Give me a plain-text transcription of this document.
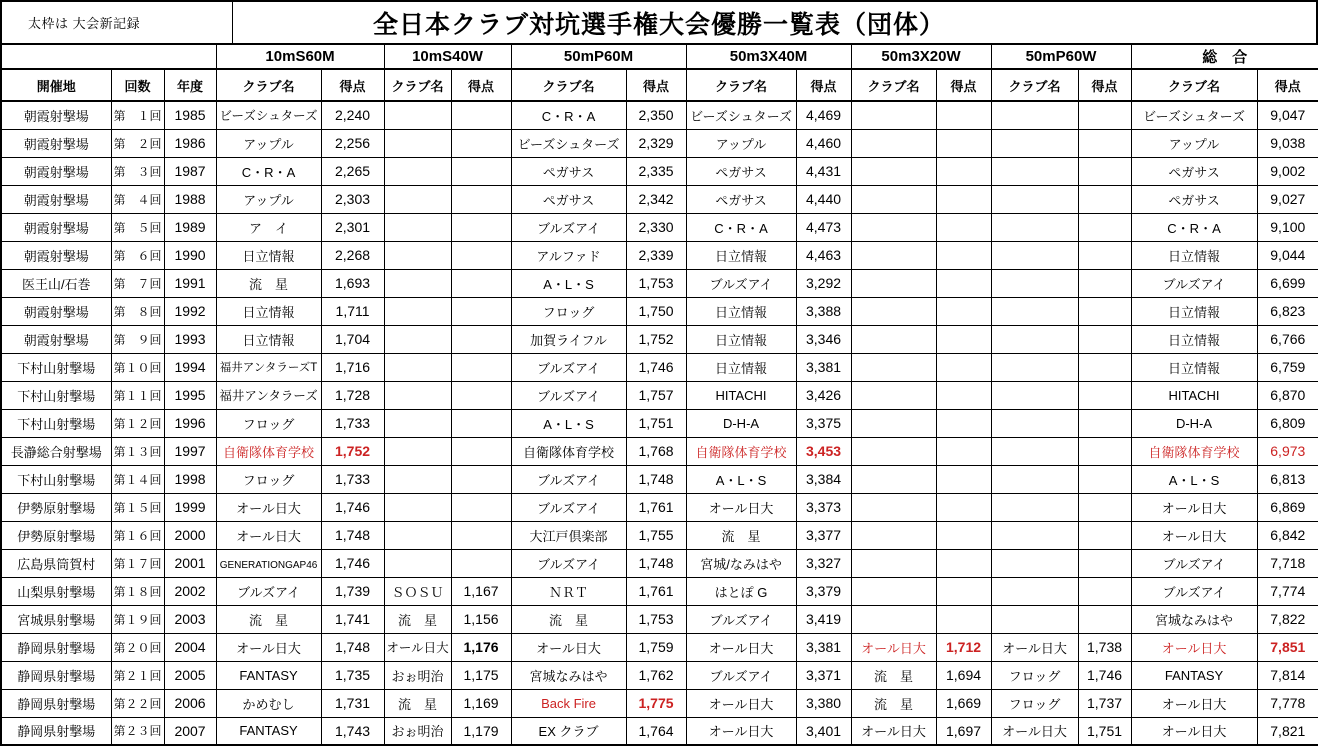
太枠は 大会新記録	全日本クラブ対坑選手権大会優勝一覧表（団体）
			10mS60M		10mS40W		50mP60M		50m3X40M		50m3X20W		50mP60W		総　合	
開催地	回数	年度	クラブ名	得点	クラブ名	得点	クラブ名	得点	クラブ名	得点	クラブ名	得点	クラブ名	得点	クラブ名	得点
朝霞射撃場	第　１回	1985	ビーズシュターズ	2,240			C・R・A	2,350	ビーズシュターズ	4,469					ビーズシュターズ	9,047
朝霞射撃場	第　２回	1986	アップル	2,256			ビーズシュターズ	2,329	アップル	4,460					アップル	9,038
朝霞射撃場	第　３回	1987	C・R・A	2,265			ペガサス	2,335	ペガサス	4,431					ペガサス	9,002
朝霞射撃場	第　４回	1988	アップル	2,303			ペガサス	2,342	ペガサス	4,440					ペガサス	9,027
朝霞射撃場	第　５回	1989	ア　イ	2,301			ブルズアイ	2,330	C・R・A	4,473					C・R・A	9,100
朝霞射撃場	第　６回	1990	日立情報	2,268			アルファド	2,339	日立情報	4,463					日立情報	9,044
医王山/石巻	第　７回	1991	流　星	1,693			A・L・S	1,753	ブルズアイ	3,292					ブルズアイ	6,699
朝霞射撃場	第　８回	1992	日立情報	1,711			フロッグ	1,750	日立情報	3,388					日立情報	6,823
朝霞射撃場	第　９回	1993	日立情報	1,704			加賀ライフル	1,752	日立情報	3,346					日立情報	6,766
下村山射撃場	第１０回	1994	福井アンタラーズT	1,716			ブルズアイ	1,746	日立情報	3,381					日立情報	6,759
下村山射撃場	第１１回	1995	福井アンタラーズ	1,728			ブルズアイ	1,757	HITACHI	3,426					HITACHI	6,870
下村山射撃場	第１２回	1996	フロッグ	1,733			A・L・S	1,751	D-H-A	3,375					D-H-A	6,809
長瀞総合射撃場	第１３回	1997	自衛隊体育学校	1,752			自衛隊体育学校	1,768	自衛隊体育学校	3,453					自衛隊体育学校	6,973
下村山射撃場	第１４回	1998	フロッグ	1,733			ブルズアイ	1,748	A・L・S	3,384					A・L・S	6,813
伊勢原射撃場	第１５回	1999	オール日大	1,746			ブルズアイ	1,761	オール日大	3,373					オール日大	6,869
伊勢原射撃場	第１６回	2000	オール日大	1,748			大江戸倶楽部	1,755	流　星	3,377					オール日大	6,842
広島県筒賀村	第１７回	2001	GENERATIONGAP46	1,746			ブルズアイ	1,748	宮城/なみはや	3,327					ブルズアイ	7,718
山梨県射撃場	第１８回	2002	ブルズアイ	1,739	ＳＯＳＵ	1,167	ＮＲＴ	1,761	はとぽ G	3,379					ブルズアイ	7,774
宮城県射撃場	第１９回	2003	流　星	1,741	流　星	1,156	流　星	1,753	ブルズアイ	3,419					宮城なみはや	7,822
静岡県射撃場	第２０回	2004	オール日大	1,748	オール日大	1,176	オール日大	1,759	オール日大	3,381	オール日大	1,712	オール日大	1,738	オール日大	7,851
静岡県射撃場	第２１回	2005	FANTASY	1,735	おぉ明治	1,175	宮城なみはや	1,762	ブルズアイ	3,371	流　星	1,694	フロッグ	1,746	FANTASY	7,814
静岡県射撃場	第２２回	2006	かめむし	1,731	流　星	1,169	Back Fire	1,775	オール日大	3,380	流　星	1,669	フロッグ	1,737	オール日大	7,778
静岡県射撃場	第２３回	2007	FANTASY	1,743	おぉ明治	1,179	EX クラブ	1,764	オール日大	3,401	オール日大	1,697	オール日大	1,751	オール日大	7,821
